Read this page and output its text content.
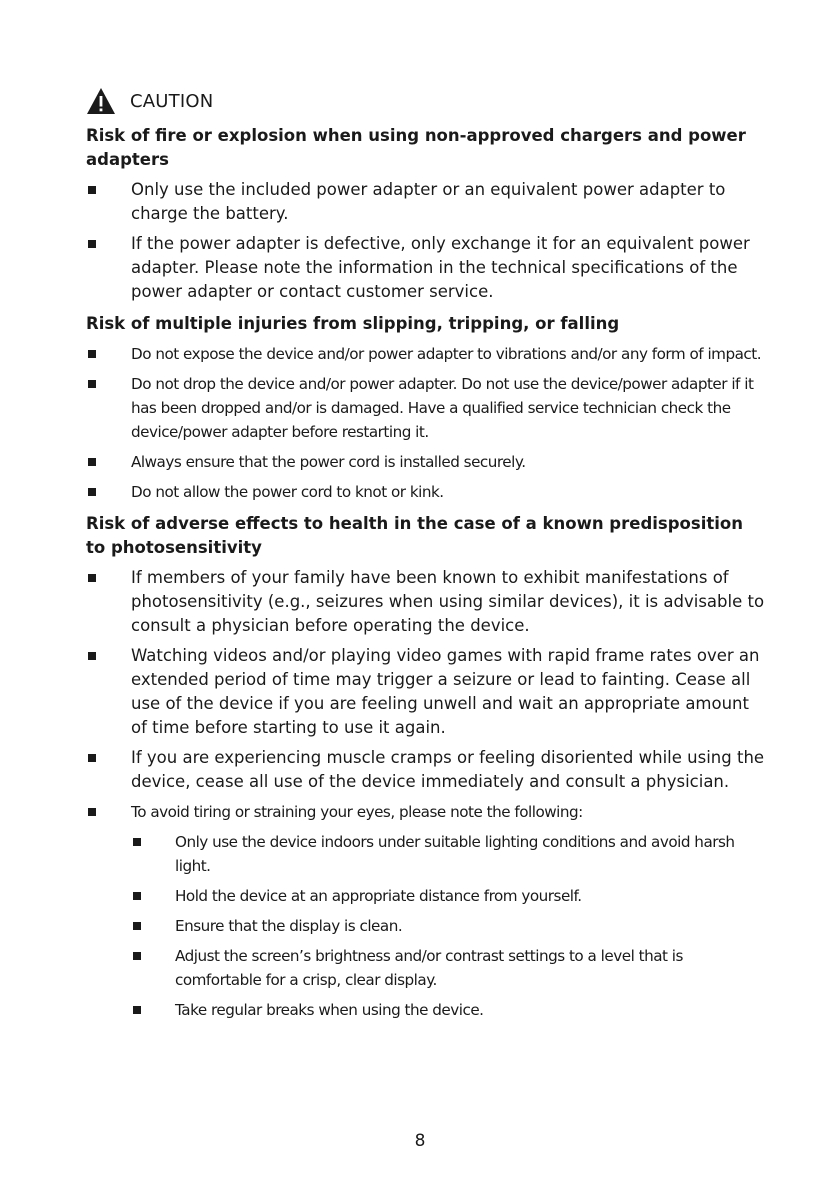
CAUTION
Risk of fire or explosion when using non-approved chargers and power adapters
Only use the included power adapter or an equivalent power adapter to charge the battery.
If the power adapter is defective, only exchange it for an equivalent power adapter. Please note the information in the technical specifications of the power adapter or contact customer service.
Risk of multiple injuries from slipping, tripping, or falling
Do not expose the device and/or power adapter to vibrations and/or any form of impact.
Do not drop the device and/or power adapter. Do not use the device/power adapter if it has been dropped and/or is damaged. Have a qualified service technician check the device/power adapter before restarting it.
Always ensure that the power cord is installed securely.
Do not allow the power cord to knot or kink.
Risk of adverse effects to health in the case of a known predisposition to photosensitivity
If members of your family have been known to exhibit manifestations of photosensitivity (e.g., seizures when using similar devices), it is advisable to consult a physician before operating the device.
Watching videos and/or playing video games with rapid frame rates over an extended period of time may trigger a seizure or lead to fainting. Cease all use of the device if you are feeling unwell and wait an appropriate amount of time before starting to use it again.
If you are experiencing muscle cramps or feeling disoriented while using the device, cease all use of the device immediately and consult a physician.
To avoid tiring or straining your eyes, please note the following:
Only use the device indoors under suitable lighting conditions and avoid harsh light.
Hold the device at an appropriate distance from yourself.
Ensure that the display is clean.
Adjust the screen’s brightness and/or contrast settings to a level that is comfortable for a crisp, clear display.
Take regular breaks when using the device.
8
